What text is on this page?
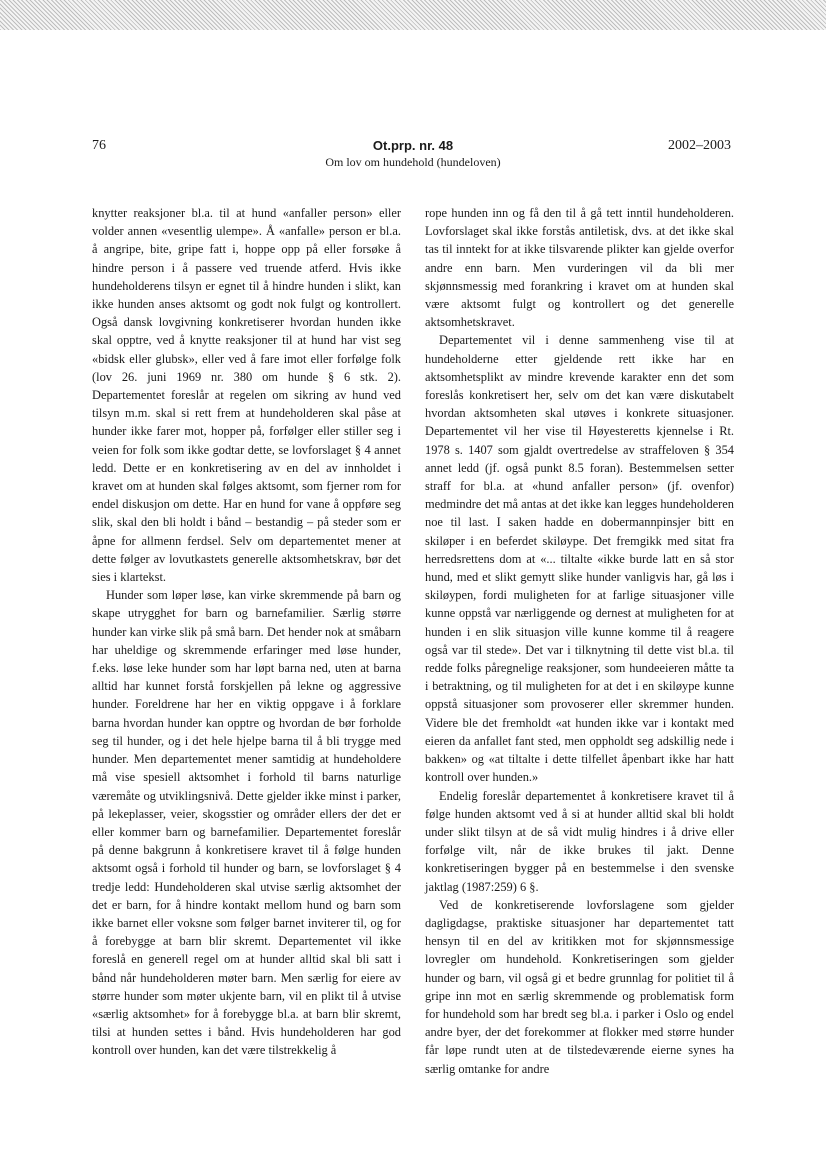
76	Ot.prp. nr. 48	2002–2003
Om lov om hundehold (hundeloven)

knytter reaksjoner bl.a. til at hund «anfaller person» eller volder annen «vesentlig ulempe». Å «anfalle» person er bl.a. å angripe, bite, gripe fatt i, hoppe opp på eller forsøke å hindre person i å passere ved truende atferd. Hvis ikke hundeholderens tilsyn er egnet til å hindre hunden i slikt, kan ikke hunden anses aktsomt og godt nok fulgt og kontrollert. Også dansk lovgivning konkretiserer hvordan hunden ikke skal opptre, ved å knytte reaksjoner til at hund har vist seg «bidsk eller glubsk», eller ved å fare imot eller forfølge folk (lov 26. juni 1969 nr. 380 om hunde § 6 stk. 2). Departementet foreslår at regelen om sikring av hund ved tilsyn m.m. skal si rett frem at hundeholderen skal påse at hunder ikke farer mot, hopper på, forfølger eller stiller seg i veien for folk som ikke godtar dette, se lovforslaget § 4 annet ledd. Dette er en konkretisering av en del av innholdet i kravet om at hunden skal følges aktsomt, som fjerner rom for endel diskusjon om dette. Har en hund for vane å oppføre seg slik, skal den bli holdt i bånd – bestandig – på steder som er åpne for allmenn ferdsel. Selv om departementet mener at dette følger av lovutkastets generelle aktsomhetskrav, bør det sies i klartekst.

Hunder som løper løse, kan virke skremmende på barn og skape utrygghet for barn og barnefamilier. Særlig større hunder kan virke slik på små barn. Det hender nok at småbarn har uheldige og skremmende erfaringer med løse hunder, f.eks. løse leke hunder som har løpt barna ned, uten at barna alltid har kunnet forstå forskjellen på lekne og aggressive hunder. Foreldrene har her en viktig oppgave i å forklare barna hvordan hunder kan opptre og hvordan de bør forholde seg til hunder, og i det hele hjelpe barna til å bli trygge med hunder. Men departementet mener samtidig at hundeholdere må vise spesiell aktsomhet i forhold til barns naturlige væremåte og utviklingsnivå. Dette gjelder ikke minst i parker, på lekeplasser, veier, skogsstier og områder ellers der det er eller kommer barn og barnefamilier. Departementet foreslår på denne bakgrunn å konkretisere kravet til å følge hunden aktsomt også i forhold til hunder og barn, se lovforslaget § 4 tredje ledd: Hundeholderen skal utvise særlig aktsomhet der det er barn, for å hindre kontakt mellom hund og barn som ikke barnet eller voksne som følger barnet inviterer til, og for å forebygge at barn blir skremt. Departementet vil ikke foreslå en generell regel om at hunder alltid skal bli satt i bånd når hundeholderen møter barn. Men særlig for eiere av større hunder som møter ukjente barn, vil en plikt til å utvise «særlig aktsomhet» for å forebygge bl.a. at barn blir skremt, tilsi at hunden settes i bånd. Hvis hundeholderen har god kontroll over hunden, kan det være tilstrekkelig å

rope hunden inn og få den til å gå tett inntil hundeholderen. Lovforslaget skal ikke forstås antiletisk, dvs. at det ikke skal tas til inntekt for at ikke tilsvarende plikter kan gjelde overfor andre enn barn. Men vurderingen vil da bli mer skjønnsmessig med forankring i kravet om at hunden skal være aktsomt fulgt og kontrollert og det generelle aktsomhetskravet.

Departementet vil i denne sammenheng vise til at hundeholderne etter gjeldende rett ikke har en aktsomhetsplikt av mindre krevende karakter enn det som foreslås konkretisert her, selv om det kan være diskutabelt hvordan aktsomheten skal utøves i konkrete situasjoner. Departementet vil her vise til Høyesteretts kjennelse i Rt. 1978 s. 1407 som gjaldt overtredelse av straffeloven § 354 annet ledd (jf. også punkt 8.5 foran). Bestemmelsen setter straff for bl.a. at «hund anfaller person» (jf. ovenfor) medmindre det må antas at det ikke kan legges hundeholderen noe til last. I saken hadde en dobermannpinsjer bitt en skiløper i en beferdet skiløype. Det fremgikk med sitat fra herredsrettens dom at «... tiltalte «ikke burde latt en så stor hund, med et slikt gemytt slike hunder vanligvis har, gå løs i skiløypen, fordi muligheten for at farlige situasjoner ville kunne oppstå var nærliggende og dernest at muligheten for at hunden i en slik situasjon ville kunne komme til å reagere også var til stede». Det var i tilknytning til dette vist bl.a. til redde folks påregnelige reaksjoner, som hundeeieren måtte ta i betraktning, og til muligheten for at det i en skiløype kunne oppstå situasjoner som provoserer eller skremmer hunden. Videre ble det fremholdt «at hunden ikke var i kontakt med eieren da anfallet fant sted, men oppholdt seg adskillig nede i bakken» og «at tiltalte i dette tilfellet åpenbart ikke har hatt kontroll over hunden.»

Endelig foreslår departementet å konkretisere kravet til å følge hunden aktsomt ved å si at hunder alltid skal bli holdt under slikt tilsyn at de så vidt mulig hindres i å drive eller forfølge vilt, når de ikke brukes til jakt. Denne konkretiseringen bygger på en bestemmelse i den svenske jaktlag (1987:259) 6 §.

Ved de konkretiserende lovforslagene som gjelder dagligdagse, praktiske situasjoner har departementet tatt hensyn til en del av kritikken mot for skjønnsmessige lovregler om hundehold. Konkretiseringen som gjelder hunder og barn, vil også gi et bedre grunnlag for politiet til å gripe inn mot en særlig skremmende og problematisk form for hundehold som har bredt seg bl.a. i parker i Oslo og endel andre byer, der det forekommer at flokker med større hunder får løpe rundt uten at de tilstedeværende eierne synes ha særlig omtanke for andre
